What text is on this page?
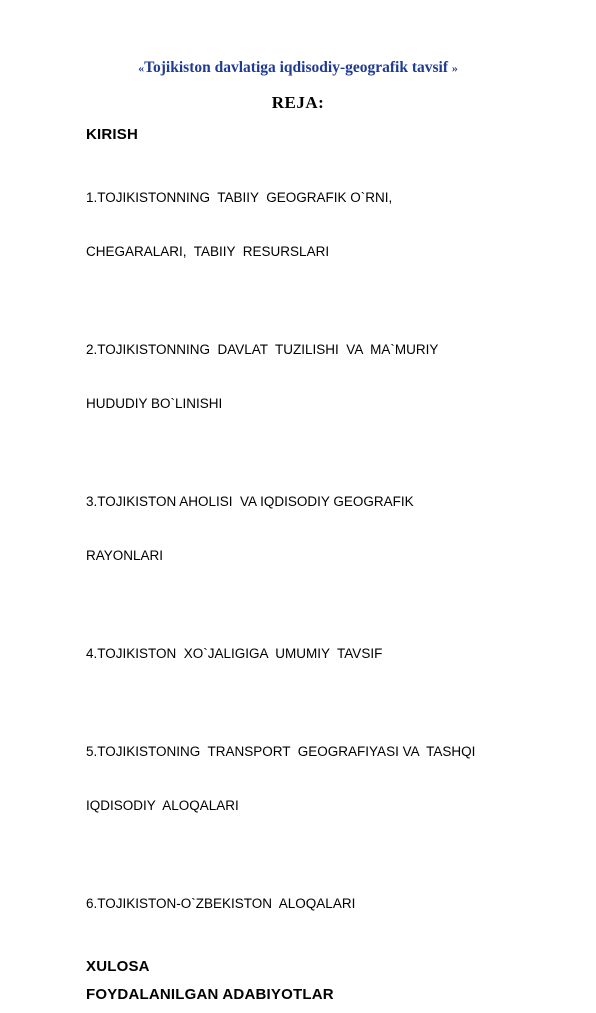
«Tojikiston davlatiga iqdisodiy-geografik tavsif »
REJA:
KIRISH

1.TOJIKISTONNING  TABIIY  GEOGRAFIK O`RNI,

CHEGARALARI,  TABIIY  RESURSLARI

2.TOJIKISTONNING  DAVLAT  TUZILISHI  VA  MA`MURIY

HUDUDIY BO`LINISHI

3.TOJIKISTON AHOLISI  VA IQDISODIY GEOGRAFIK

RAYONLARI

4.TOJIKISTON  XO`JALIGIGA  UMUMIY  TAVSIF

5.TOJIKISTONING  TRANSPORT  GEOGRAFIYASI VA  TASHQI

IQDISODIY  ALOQALARI

6.TOJIKISTON-O`ZBEKISTON  ALOQALARI

XULOSA
FOYDALANILGAN ADABIYOTLAR
